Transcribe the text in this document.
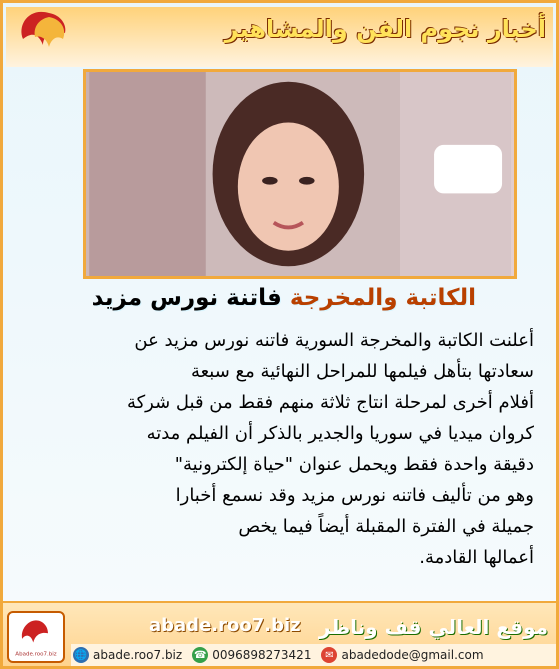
أخبار نجوم الفن والمشاهير
الكاتبة والمخرجة فاتنة نورس مزيد

أعلنت الكاتبة والمخرجة السورية فاتنه نورس مزيد عن

سعادتها بتأهل فيلمها للمراحل النهائية مع سبعة

أفلام أخرى لمرحلة انتاج ثلاثة منهم فقط من قبل شركة

كروان ميديا في سوريا والجدير بالذكر أن الفيلم مدته

دقيقة واحدة فقط ويحمل عنوان "حياة إلكترونية"

وهو من تأليف فاتنه نورس مزيد وقد نسمع أخبارا

جميلة في الفترة المقبلة أيضاً فيما يخص

أعمالها القادمة.

Abade.roo7.biz
abade.roo7.biz موقع العالي قف وناظر
🌐 abade.roo7.biz ☎ 00968982734​21	✉ abadedode@gmail.com
